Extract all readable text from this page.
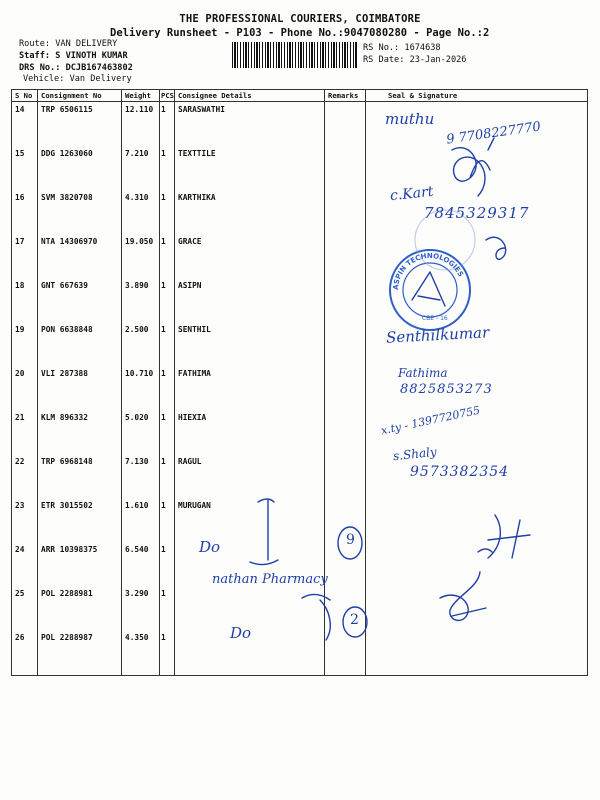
THE PROFESSIONAL COURIERS, COIMBATORE
Delivery Runsheet - P103 - Phone No.:9047080280 - Page No.:2
Route: VAN DELIVERY
Staff: S VINOTH KUMAR
DRS No.: DCJB167463802
Vehicle: Van Delivery
RS No.: 1674638
RS Date: 23-Jan-2026
S No	Consignment No	Weight	PCS	Consignee Details	Remarks	Seal & Signature
14	TRP 6506115	12.110	1	SARASWATHI		
15	DDG 1263060	7.210	1	TEXTTILE		
16	SVM 3820708	4.310	1	KARTHIKA		
17	NTA 14306970	19.050	1	GRACE		
18	GNT 667639	3.890	1	ASIPN		
19	PON 6638848	2.500	1	SENTHIL		
20	VLI 287388	10.710	1	FATHIMA		
21	KLM 896332	5.020	1	HIEXIA		
22	TRP 6968148	7.130	1	RAGUL		
23	ETR 3015502	1.610	1	MURUGAN		
24	ARR 10398375	6.540	1			
25	POL 2288981	3.290	1			
26	POL 2288987	4.350	1			
muthu
9 7708227770
c.Kart
7845329317
Senthilkumar
Fathima
8825853273
x.ty - 1397720755
s.Shaly
9573382354
nathan Pharmacy
Do
Do
9
2
ASPIN TECHNOLOGIES
CBE - 16
